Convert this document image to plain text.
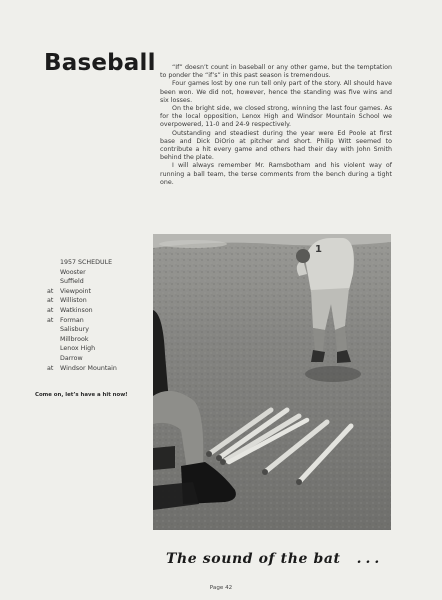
Baseball	“If” doesn’t count in baseball or any other game, but the temptation to ponder the “if’s” in this past season is tremendous.

Four games lost by one run tell only part of the story. All should have been won. We did not, however, hence the standing was five wins and six losses.

On the bright side, we closed strong, winning the last four games. As for the local opposition, Lenox High and Windsor Mountain School we overpowered, 11-0 and 24-9 respectively.

Outstanding and steadiest during the year were Ed Poole at first base and Dick DiOrio at pitcher and short. Philip Witt seemed to contribute a hit every game and others had their day with John Smith behind the plate.

I will always remember Mr. Ramsbotham and his violent way of running a ball team, the terse comments from the bench during a tight one.

1957 SCHEDULE
Wooster
Suffield
at	Viewpoint
at	Williston
at	Watkinson
at	Forman
Salisbury
Millbrook
Lenox High
Darrow
at	Windsor Mountain
Come on, let’s have a hit now!
1
The sound of the bat ...
Page 42
